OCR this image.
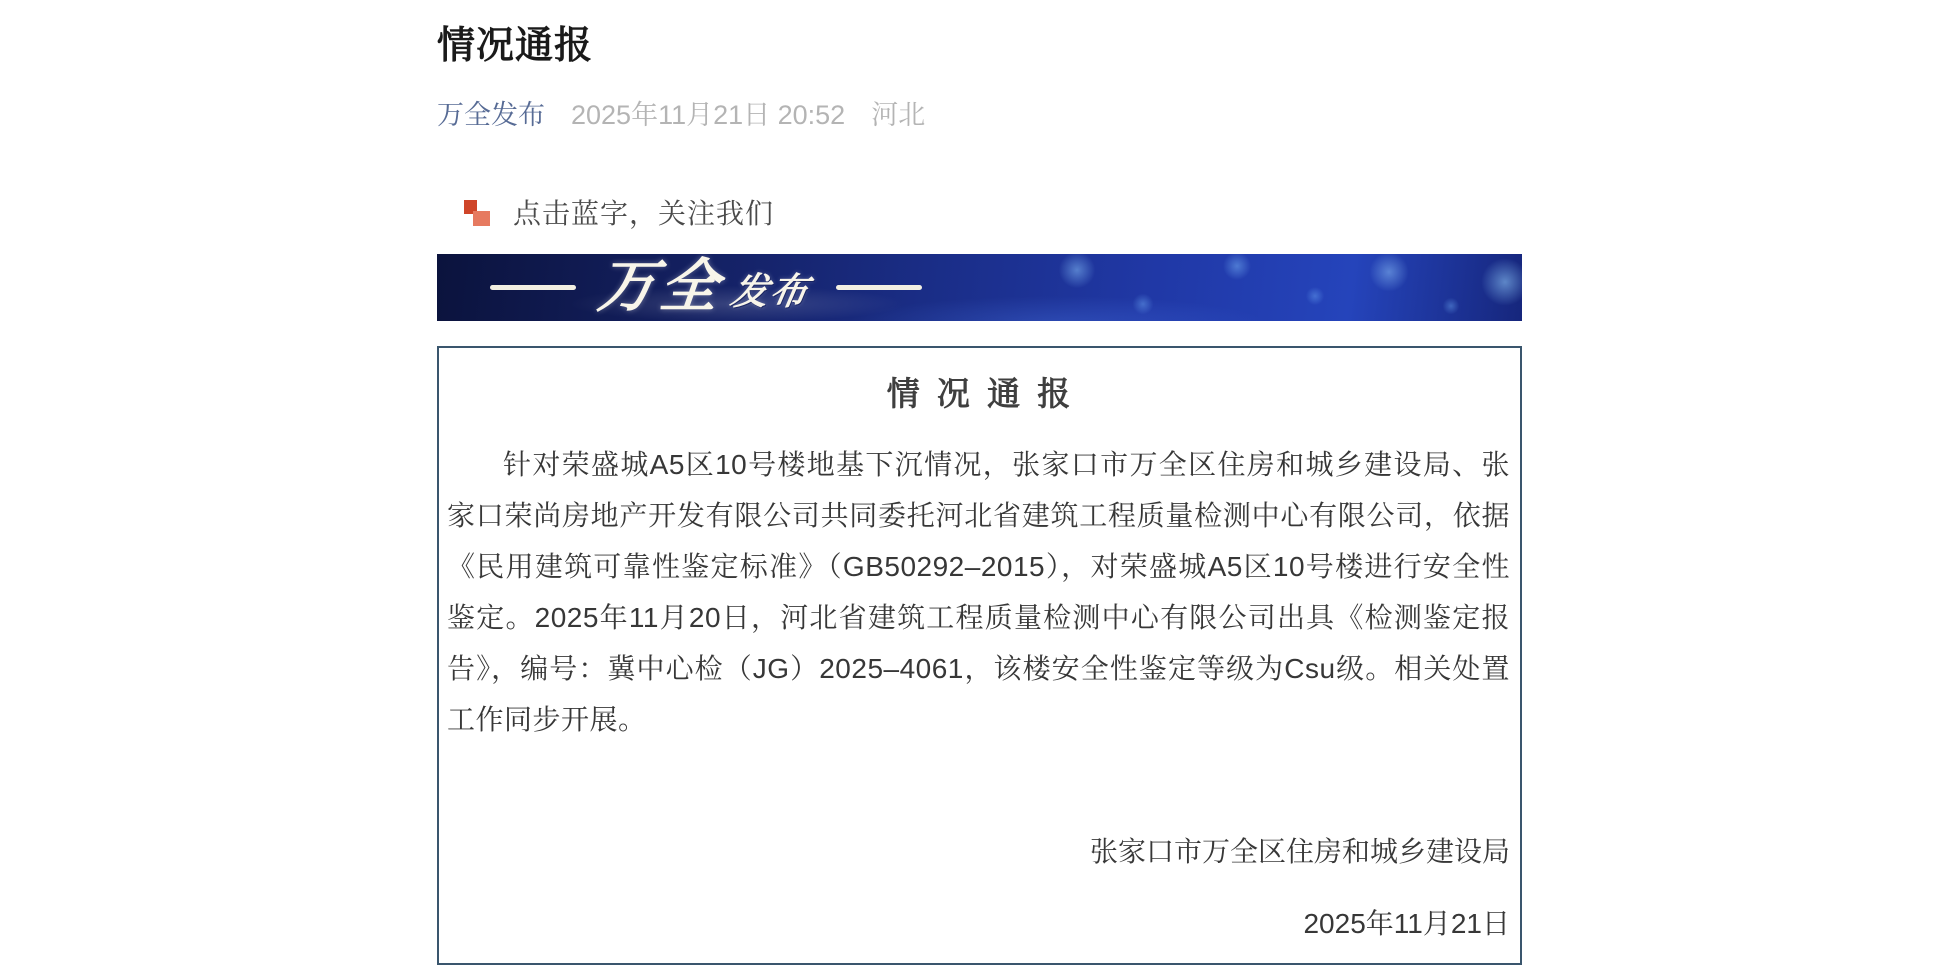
情况通报
万全发布 2025年11月21日 20:52 河北
点击蓝字，关注我们
万全 发布
情 况 通 报

针对荣盛城A5区10号楼地基下沉情况，张家口市万全区住房和城乡建设局、张家口荣尚房地产开发有限公司共同委托河北省建筑工程质量检测中心有限公司，依据《民用建筑可靠性鉴定标准》（GB50292–2015），对荣盛城A5区10号楼进行安全性鉴定。2025年11月20日，河北省建筑工程质量检测中心有限公司出具《检测鉴定报告》，编号：冀中心检（JG）2025–4061，该楼安全性鉴定等级为Csu级。相关处置工作同步开展。

张家口市万全区住房和城乡建设局
2025年11月21日
